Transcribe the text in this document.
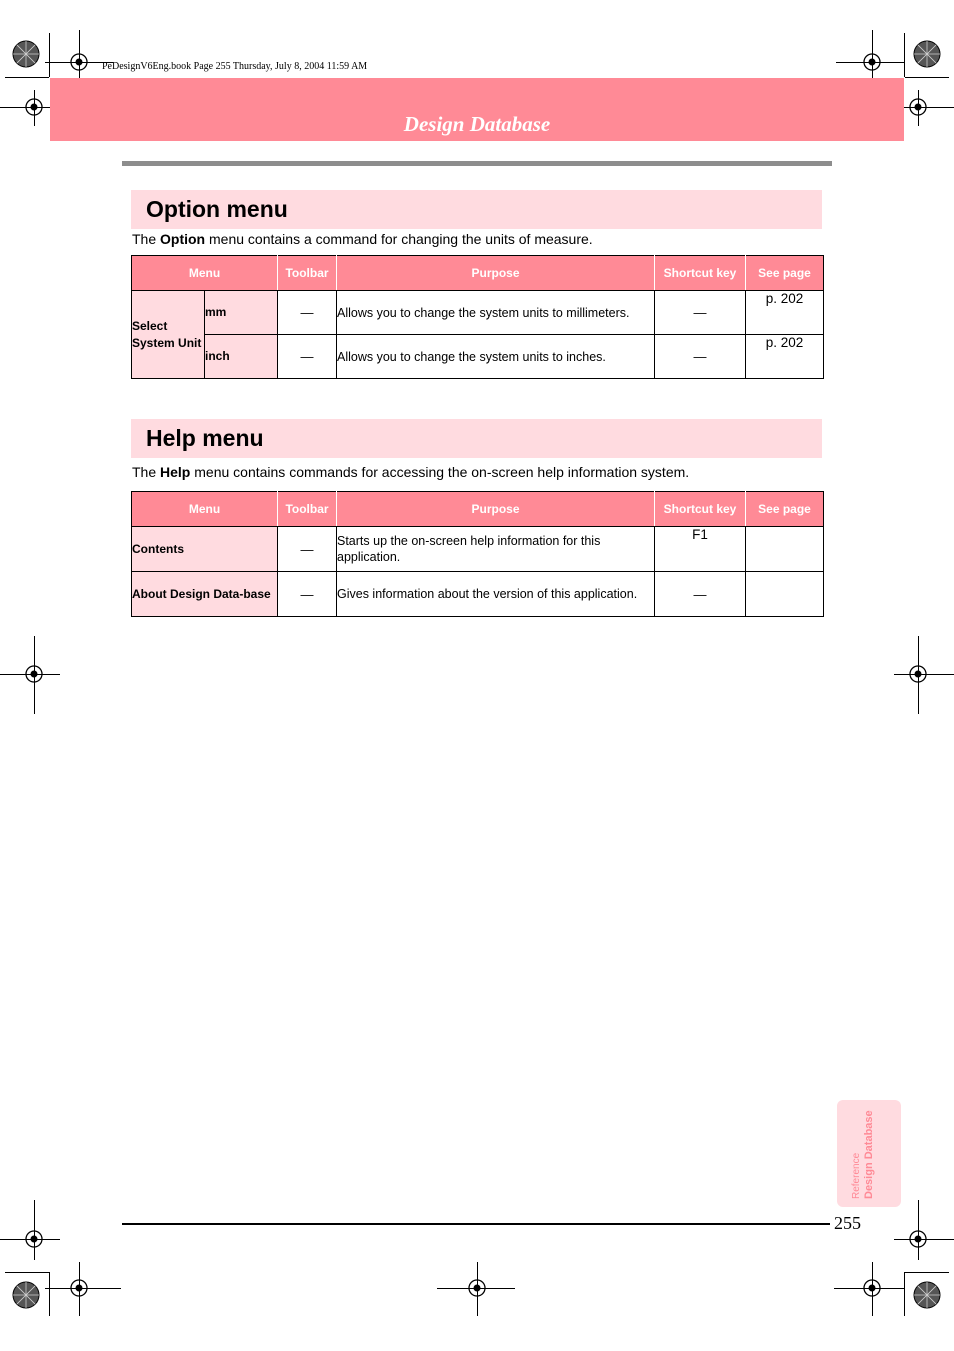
PeDesignV6Eng.book Page 255 Thursday, July 8, 2004 11:59 AM
Design Database
Option menu

The Option menu contains a command for changing the units of measure.

Menu		Toolbar	Purpose	Shortcut key	See page
Select System Unit	mm	—	Allows you to change the system units to millimeters.	—	p. 202
	inch	—	Allows you to change the system units to inches.	—	p. 202
Help menu

The Help menu contains commands for accessing the on-screen help information system.

Menu	Toolbar	Purpose	Shortcut key	See page
Contents	—	Starts up the on-screen help information for this application.	F1	
About Design Data-base	—	Gives information about the version of this application.	—	
Reference Design Database

255
